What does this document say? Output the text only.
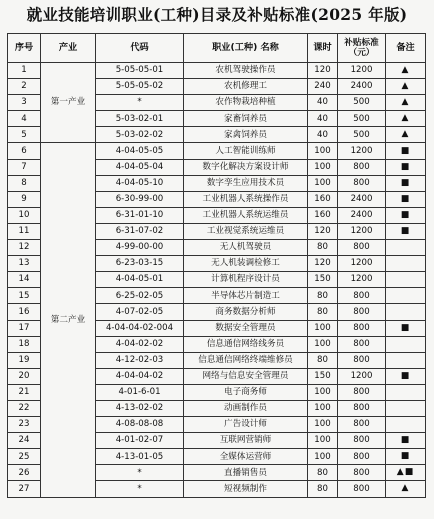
就业技能培训职业(工种)目录及补贴标准(2025 年版)
序号	产业	代码	职业(工种) 名称	课时	补贴标准（元）	备注
1	第一产业	5-05-05-01	农机驾驶操作员	120	1200	▲
2		5-05-05-02	农机修理工	240	2400	▲
3		*	农作物栽培种植	40	500	▲
4		5-03-02-01	家畜饲养员	40	500	▲
5		5-03-02-02	家禽饲养员	40	500	▲
6	第二产业	4-04-05-05	人工智能训练师	100	1200	■
7		4-04-05-04	数字化解决方案设计师	100	800	■
8		4-04-05-10	数字孪生应用技术员	100	800	■
9		6-30-99-00	工业机器人系统操作员	160	2400	■
10		6-31-01-10	工业机器人系统运维员	160	2400	■
11		6-31-07-02	工业视觉系统运维员	120	1200	■
12		4-99-00-00	无人机驾驶员	80	800	
13		6-23-03-15	无人机装调检修工	120	1200	
14		4-04-05-01	计算机程序设计员	150	1200	
15		6-25-02-05	半导体芯片制造工	80	800	
16		4-07-02-05	商务数据分析师	80	800	
17		4-04-04-02-004	数据安全管理员	100	800	■
18		4-04-02-02	信息通信网络线务员	100	800	
19		4-12-02-03	信息通信网络终端维修员	80	800	
20		4-04-04-02	网络与信息安全管理员	150	1200	■
21		4-01-6-01	电子商务师	100	800	
22		4-13-02-02	动画制作员	100	800	
23		4-08-08-08	广告设计师	100	800	
24		4-01-02-07	互联网营销师	100	800	■
25		4-13-01-05	全媒体运营师	100	800	■
26		*	直播销售员	80	800	▲■
27		*	短视频制作	80	800	▲
